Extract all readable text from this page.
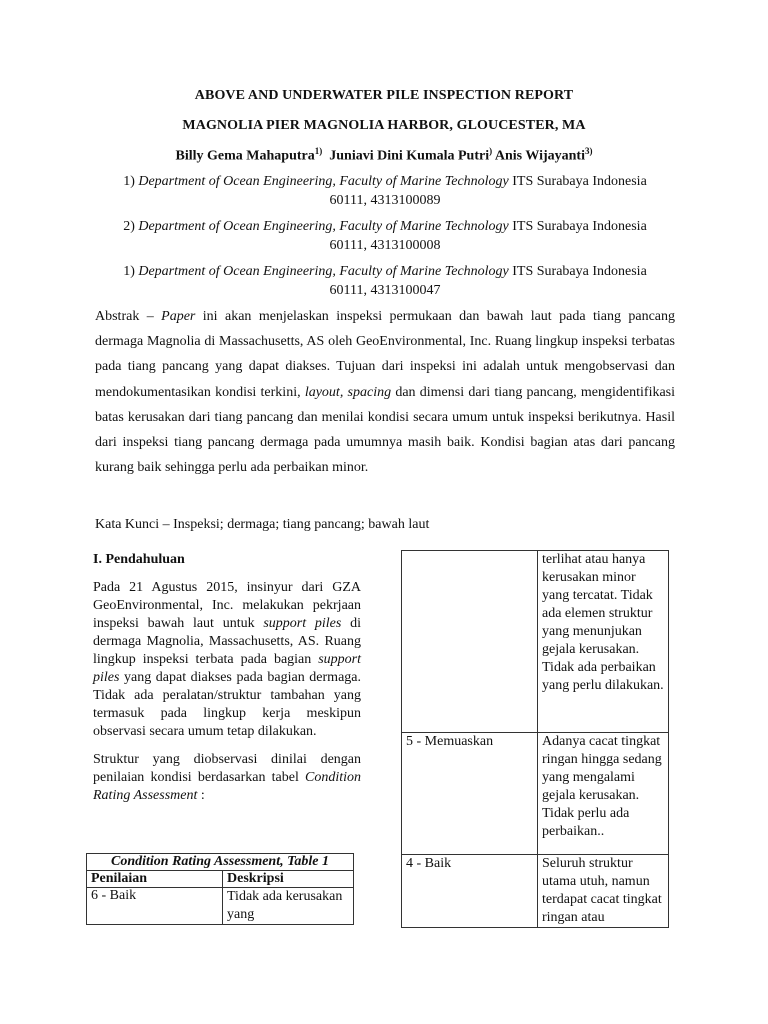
ABOVE AND UNDERWATER PILE INSPECTION REPORT
MAGNOLIA PIER MAGNOLIA HARBOR, GLOUCESTER, MA
Billy Gema Mahaputra$^{1)}$ Juniavi Dini Kumala Putri) Anis Wijayanti$^{3)}$
1) Department of Ocean Engineering, Faculty of Marine Technology ITS Surabaya Indonesia
60111, 4313100089
2) Department of Ocean Engineering, Faculty of Marine Technology ITS Surabaya Indonesia
60111, 4313100008
1) Department of Ocean Engineering, Faculty of Marine Technology ITS Surabaya Indonesia
60111, 4313100047

Abstrak – Paper ini akan menjelaskan inspeksi permukaan dan bawah laut pada tiang pancang dermaga Magnolia di Massachusetts, AS oleh GeoEnvironmental, Inc. Ruang lingkup inspeksi terbatas pada tiang pancang yang dapat diakses. Tujuan dari inspeksi ini adalah untuk mengobservasi dan mendokumentasikan kondisi terkini, layout, spacing dan dimensi dari tiang pancang, mengidentifikasi batas kerusakan dari tiang pancang dan menilai kondisi secara umum untuk inspeksi berikutnya. Hasil dari inspeksi tiang pancang dermaga pada umumnya masih baik. Kondisi bagian atas dari pancang kurang baik sehingga perlu ada perbaikan minor.

Kata Kunci – Inspeksi; dermaga; tiang pancang; bawah laut

I. Pendahuluan

Pada 21 Agustus 2015, insinyur dari GZA GeoEnvironmental, Inc. melakukan pekrjaan inspeksi bawah laut untuk support piles di dermaga Magnolia, Massachusetts, AS. Ruang lingkup inspeksi terbata pada bagian support piles yang dapat diakses pada bagian dermaga. Tidak ada peralatan/struktur tambahan yang termasuk pada lingkup kerja meskipun observasi secara umum tetap dilakukan.

Struktur yang diobservasi dinilai dengan penilaian kondisi berdasarkan tabel Condition Rating Assessment :

Condition Rating Assessment, Table 1	
Penilaian	Deskripsi
6 - Baik	Tidak ada kerusakan yang
	terlihat atau hanya kerusakan minor yang tercatat. Tidak ada elemen struktur yang menunjukan gejala kerusakan. Tidak ada perbaikan yang perlu dilakukan.
5 - Memuaskan	Adanya cacat tingkat ringan hingga sedang yang mengalami gejala kerusakan. Tidak perlu ada perbaikan..
4 - Baik	Seluruh struktur utama utuh, namun terdapat cacat tingkat ringan atau
